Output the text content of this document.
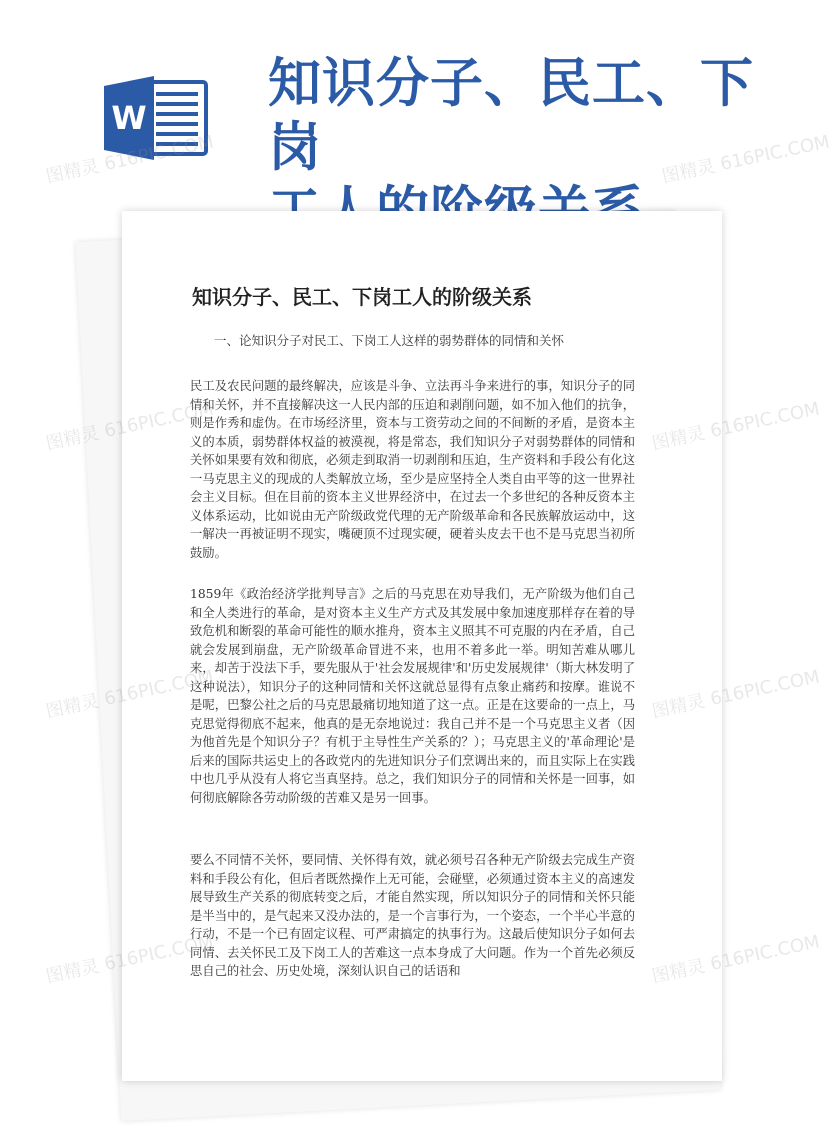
W
知识分子、民工、下岗
知识分子、民工、下岗工人的阶级关系
一、论知识分子对民工、下岗工人这样的弱势群体的同情和关怀

民工及农民问题的最终解决，应该是斗争、立法再斗争来进行的事，知识分子的同情和关怀，并不直接解决这一人民内部的压迫和剥削问题，如不加入他们的抗争，则是作秀和虚伪。在市场经济里，资本与工资劳动之间的不间断的矛盾，是资本主义的本质，弱势群体权益的被漠视，将是常态，我们知识分子对弱势群体的同情和关怀如果要有效和彻底，必须走到取消一切剥削和压迫，生产资料和手段公有化这一马克思主义的现成的人类解放立场，至少是应坚持全人类自由平等的这一世界社会主义目标。但在目前的资本主义世界经济中，在过去一个多世纪的各种反资本主义体系运动，比如说由无产阶级政党代理的无产阶级革命和各民族解放运动中，这一解决一再被证明不现实，嘴硬顶不过现实硬，硬着头皮去干也不是马克思当初所鼓励。

1859年《政治经济学批判导言》之后的马克思在劝导我们，无产阶级为他们自己和全人类进行的革命，是对资本主义生产方式及其发展中象加速度那样存在着的导致危机和断裂的革命可能性的顺水推舟，资本主义照其不可克服的内在矛盾，自己就会发展到崩盘，无产阶级革命冒进不来，也用不着多此一举。明知苦难从哪儿来，却苦于没法下手，要先服从于'社会发展规律'和'历史发展规律'（斯大林发明了这种说法），知识分子的这种同情和关怀这就总显得有点象止痛药和按摩。谁说不是呢，巴黎公社之后的马克思最痛切地知道了这一点。正是在这要命的一点上，马克思觉得彻底不起来，他真的是无奈地说过：我自己并不是一个马克思主义者（因为他首先是个知识分子？有机于主导性生产关系的？）；马克思主义的'革命理论'是后来的国际共运史上的各政党内的先进知识分子们烹调出来的，而且实际上在实践中也几乎从没有人将它当真坚持。总之，我们知识分子的同情和关怀是一回事，如何彻底解除各劳动阶级的苦难又是另一回事。

要么不同情不关怀，要同情、关怀得有效，就必须号召各种无产阶级去完成生产资料和手段公有化，但后者既然操作上无可能，会碰壁，必须通过资本主义的高速发展导致生产关系的彻底转变之后，才能自然实现，所以知识分子的同情和关怀只能是半当中的，是气起来又没办法的，是一个言事行为，一个姿态，一个半心半意的行动，不是一个已有固定议程、可严肃搞定的执事行为。这最后使知识分子如何去同情、去关怀民工及下岗工人的苦难这一点本身成了大问题。作为一个首先必须反思自己的社会、历史处境，深刻认识自己的话语和

图精灵 616PIC.COM	图精灵 616PIC.COM
图精灵 616PIC.COM	图精灵 616PIC.COM
图精灵 616PIC.COM	图精灵 616PIC.COM
图精灵 616PIC.COM	图精灵 616PIC.COM
